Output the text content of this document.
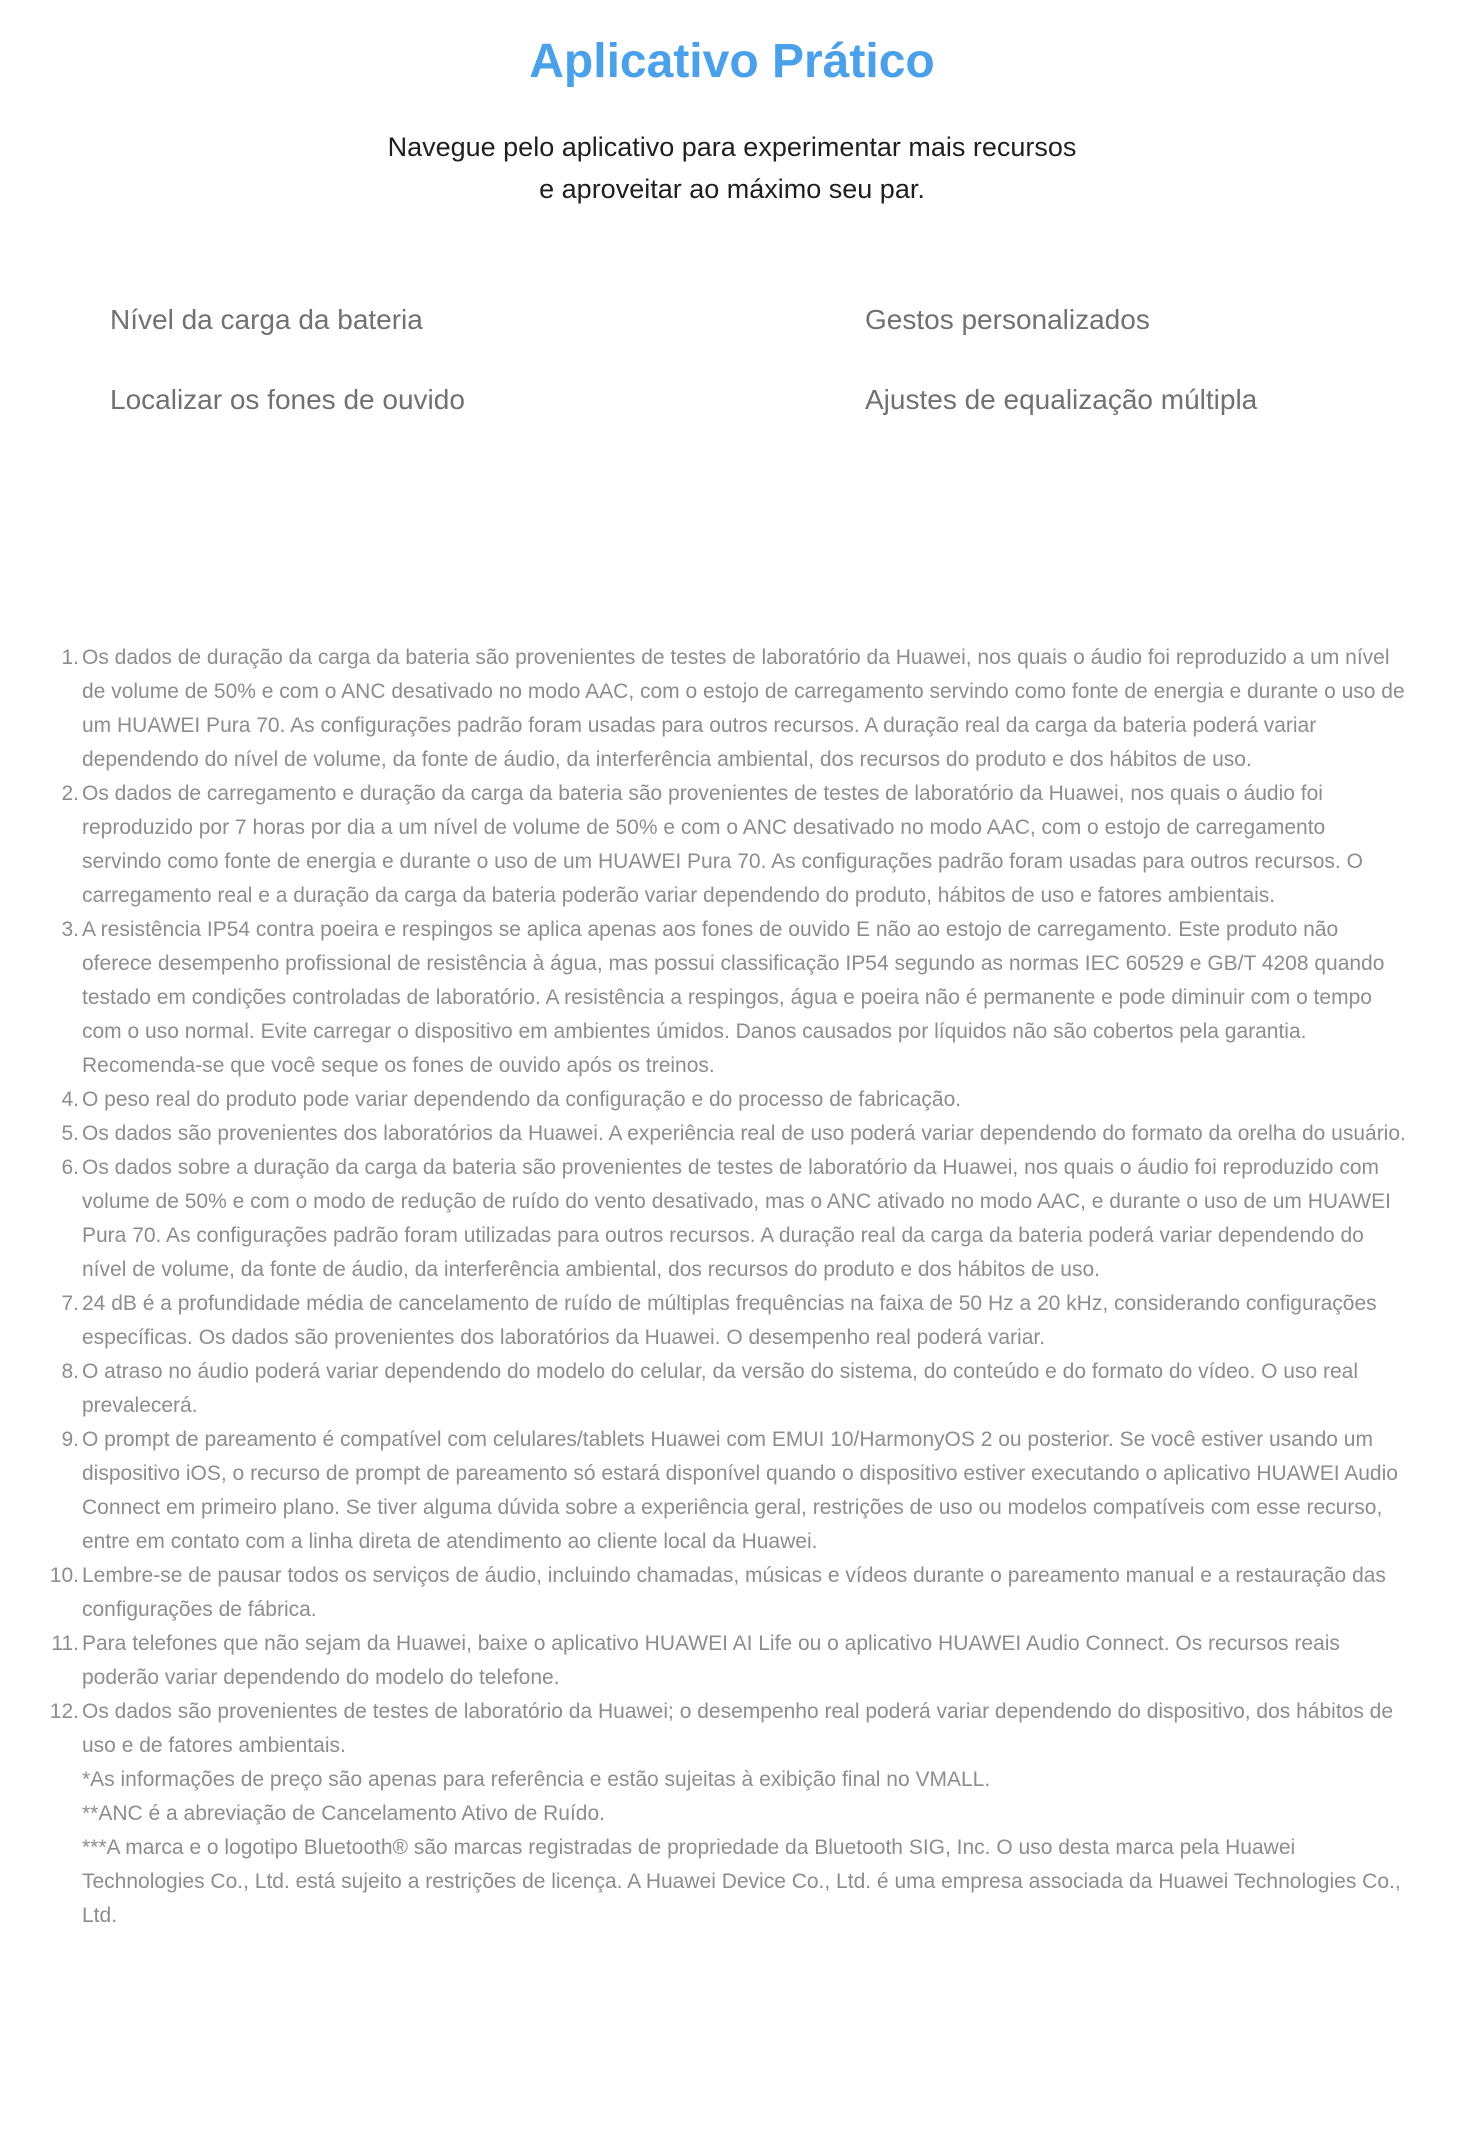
Aplicativo Prático

Navegue pelo aplicativo para experimentar mais recursos
e aproveitar ao máximo seu par.

Nível da carga da bateria	Gestos personalizados
Localizar os fones de ouvido	Ajustes de equalização múltipla
1. Os dados de duração da carga da bateria são provenientes de testes de laboratório da Huawei, nos quais o áudio foi reproduzido a um nível de volume de 50% e com o ANC desativado no modo AAC, com o estojo de carregamento servindo como fonte de energia e durante o uso de um HUAWEI Pura 70. As configurações padrão foram usadas para outros recursos. A duração real da carga da bateria poderá variar dependendo do nível de volume, da fonte de áudio, da interferência ambiental, dos recursos do produto e dos hábitos de uso.
2. Os dados de carregamento e duração da carga da bateria são provenientes de testes de laboratório da Huawei, nos quais o áudio foi reproduzido por 7 horas por dia a um nível de volume de 50% e com o ANC desativado no modo AAC, com o estojo de carregamento servindo como fonte de energia e durante o uso de um HUAWEI Pura 70. As configurações padrão foram usadas para outros recursos. O carregamento real e a duração da carga da bateria poderão variar dependendo do produto, hábitos de uso e fatores ambientais.
3. A resistência IP54 contra poeira e respingos se aplica apenas aos fones de ouvido E não ao estojo de carregamento. Este produto não oferece desempenho profissional de resistência à água, mas possui classificação IP54 segundo as normas IEC 60529 e GB/T 4208 quando testado em condições controladas de laboratório. A resistência a respingos, água e poeira não é permanente e pode diminuir com o tempo com o uso normal. Evite carregar o dispositivo em ambientes úmidos. Danos causados por líquidos não são cobertos pela garantia. Recomenda-se que você seque os fones de ouvido após os treinos.
4. O peso real do produto pode variar dependendo da configuração e do processo de fabricação.
5. Os dados são provenientes dos laboratórios da Huawei. A experiência real de uso poderá variar dependendo do formato da orelha do usuário.
6. Os dados sobre a duração da carga da bateria são provenientes de testes de laboratório da Huawei, nos quais o áudio foi reproduzido com volume de 50% e com o modo de redução de ruído do vento desativado, mas o ANC ativado no modo AAC, e durante o uso de um HUAWEI Pura 70. As configurações padrão foram utilizadas para outros recursos. A duração real da carga da bateria poderá variar dependendo do nível de volume, da fonte de áudio, da interferência ambiental, dos recursos do produto e dos hábitos de uso.
7. 24 dB é a profundidade média de cancelamento de ruído de múltiplas frequências na faixa de 50 Hz a 20 kHz, considerando configurações específicas. Os dados são provenientes dos laboratórios da Huawei. O desempenho real poderá variar.
8. O atraso no áudio poderá variar dependendo do modelo do celular, da versão do sistema, do conteúdo e do formato do vídeo. O uso real prevalecerá.
9. O prompt de pareamento é compatível com celulares/tablets Huawei com EMUI 10/HarmonyOS 2 ou posterior. Se você estiver usando um dispositivo iOS, o recurso de prompt de pareamento só estará disponível quando o dispositivo estiver executando o aplicativo HUAWEI Audio Connect em primeiro plano. Se tiver alguma dúvida sobre a experiência geral, restrições de uso ou modelos compatíveis com esse recurso, entre em contato com a linha direta de atendimento ao cliente local da Huawei.
10. Lembre-se de pausar todos os serviços de áudio, incluindo chamadas, músicas e vídeos durante o pareamento manual e a restauração das configurações de fábrica.
11. Para telefones que não sejam da Huawei, baixe o aplicativo HUAWEI AI Life ou o aplicativo HUAWEI Audio Connect. Os recursos reais poderão variar dependendo do modelo do telefone.
12. Os dados são provenientes de testes de laboratório da Huawei; o desempenho real poderá variar dependendo do dispositivo, dos hábitos de uso e de fatores ambientais.

*As informações de preço são apenas para referência e estão sujeitas à exibição final no VMALL.

**ANC é a abreviação de Cancelamento Ativo de Ruído.

***A marca e o logotipo Bluetooth® são marcas registradas de propriedade da Bluetooth SIG, Inc. O uso desta marca pela Huawei Technologies Co., Ltd. está sujeito a restrições de licença. A Huawei Device Co., Ltd. é uma empresa associada da Huawei Technologies Co., Ltd.
